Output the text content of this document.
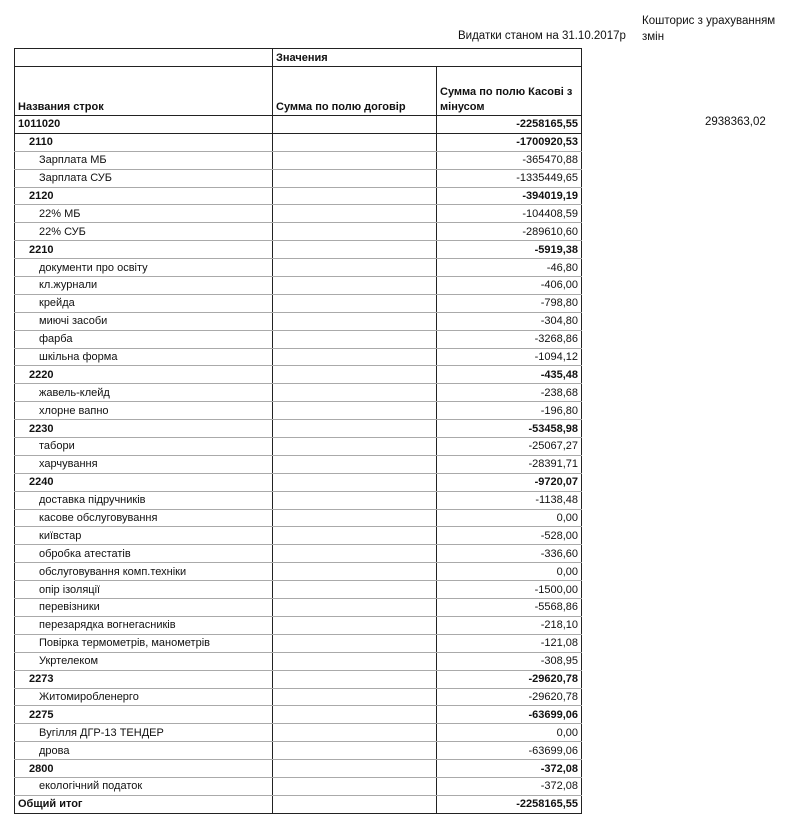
Кошторис з урахуванням змін
Видатки станом на 31.10.2017р
2938363,02
	Значения	
Названия строк	Сумма по полю договір	Сумма по полю Касові з мінусом
1011020		-2258165,55
2110		-1700920,53
Зарплата МБ		-365470,88
Зарплата СУБ		-1335449,65
2120		-394019,19
22% МБ		-104408,59
22% СУБ		-289610,60
2210		-5919,38
документи про освіту		-46,80
кл.журнали		-406,00
крейда		-798,80
миючі засоби		-304,80
фарба		-3268,86
шкільна форма		-1094,12
2220		-435,48
жавель-клейд		-238,68
хлорне вапно		-196,80
2230		-53458,98
табори		-25067,27
харчування		-28391,71
2240		-9720,07
доставка підручників		-1138,48
касове обслуговування		0,00
київстар		-528,00
обробка атестатів		-336,60
обслуговування комп.техніки		0,00
опір ізоляції		-1500,00
перевізники		-5568,86
перезарядка вогнегасників		-218,10
Повірка термометрів, манометрів		-121,08
Укртелеком		-308,95
2273		-29620,78
Житомиробленерго		-29620,78
2275		-63699,06
Вугілля ДГР-13 ТЕНДЕР		0,00
дрова		-63699,06
2800		-372,08
екологічний податок		-372,08
Общий итог		-2258165,55
